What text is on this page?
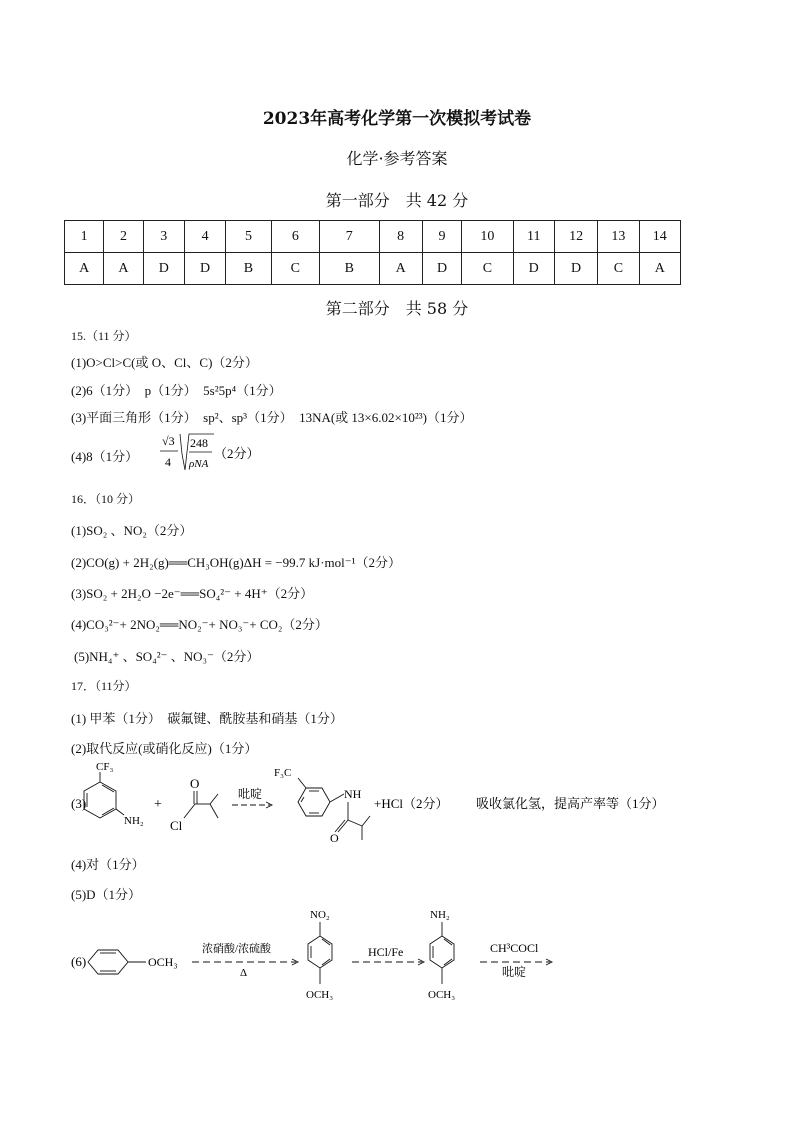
2023年高考化学第一次模拟考试卷
化学·参考答案
第一部分　共 42 分
1	2	3	4	5	6	7	8	9	10	11	12	13	14
A	A	D	D	B	C	B	A	D	C	D	D	C	A
第二部分　共 58 分
15.（11 分）
(1)O>Cl>C(或 O、Cl、C)（2分）
(2)6（1分）　p（1分）　5s²5p⁴（1分）
(3)平面三角形（1分）　sp²、sp³（1分）　13NA(或 13×6.02×10²³)（1分）
(4)8（1分）
√3
4
248
ρNA
（2分）
16．（10 分）
(1)SO₂ 、NO₂（2分）
(2)CO(g) + 2H₂(g)══CH₃OH(g)ΔH = −99.7 kJ·mol⁻¹（2分）
(3)SO₂ + 2H₂O −2e⁻══SO₄²⁻ + 4H⁺（2分）
(4)CO₃²⁻+ 2NO₂══NO₂⁻+ NO₃⁻+ CO₂（2分）
(5)NH₄⁺ 、SO₄²⁻ 、NO₃⁻（2分）
17．（11分）
(1) 甲苯（1分）　碳氟键、酰胺基和硝基（1分）
(2)取代反应(或硝化反应)（1分）
(3)
CF₃
NH₂
+
O
Cl
吡啶
F₃C
NH
O
+HCl（2分） 吸收氯化氢，提高产率等（1分）
(4)对（1分）
(5)D（1分）
(6)	OCH₃
浓硝酸/浓硫酸
Δ
NO₂
OCH₃
HCl/Fe
NH₂
OCH₃
CH³COCl
吡啶
